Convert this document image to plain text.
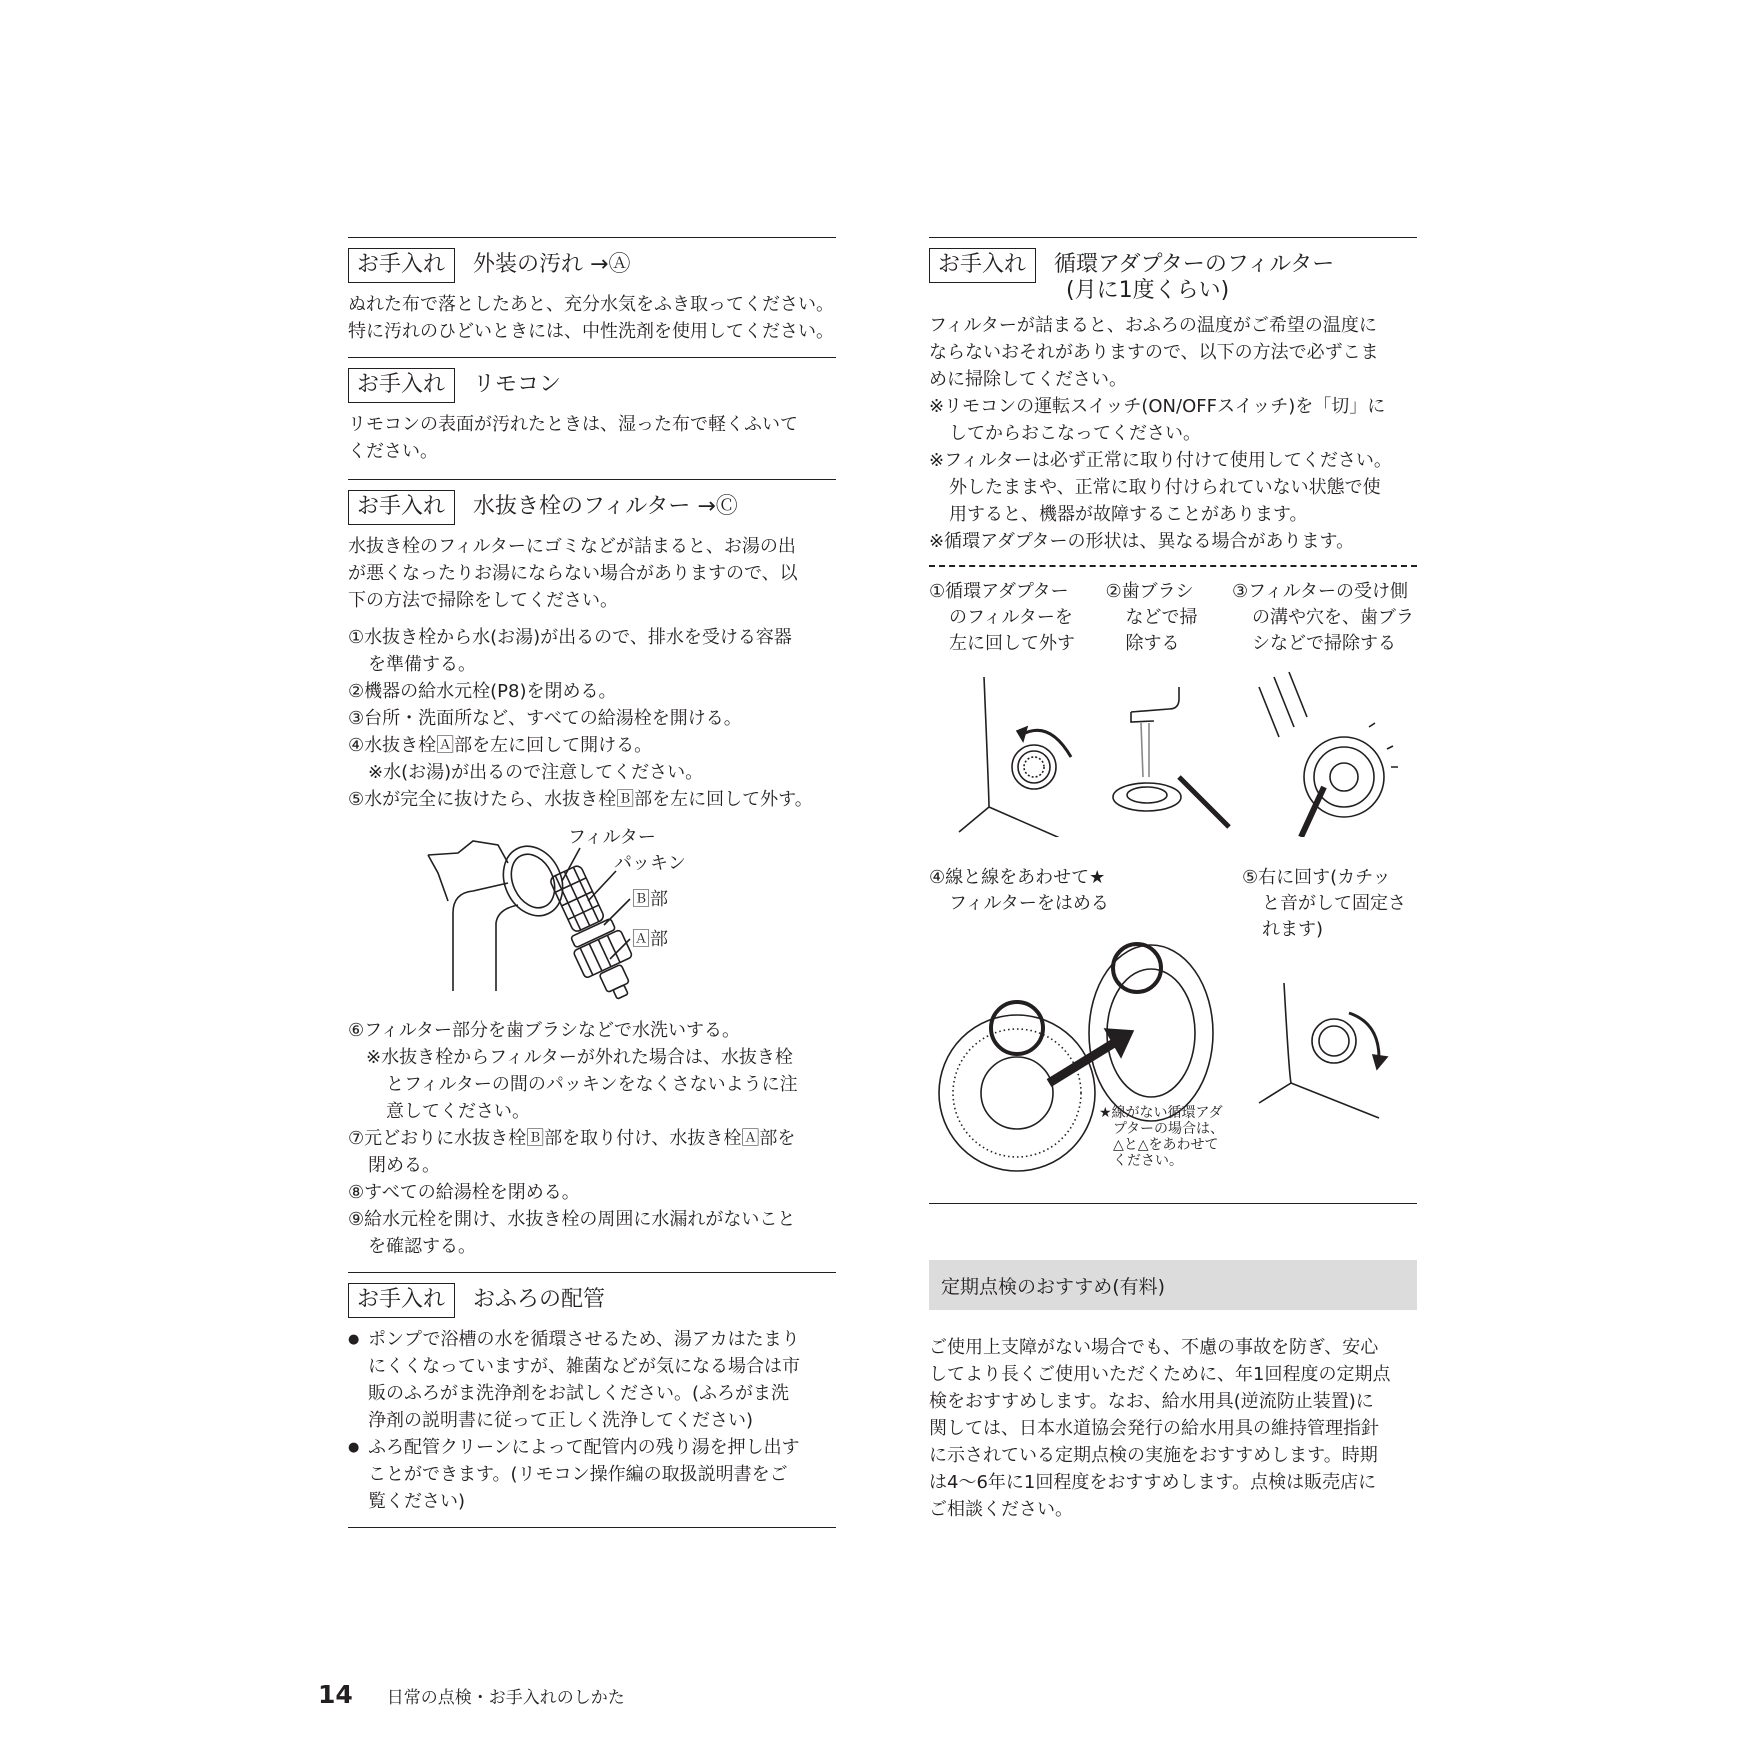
お手入れ	外装の汚れ →Ⓐ

ぬれた布で落としたあと、充分水気をふき取ってください。

特に汚れのひどいときには、中性洗剤を使用してください。

お手入れ	リモコン

リモコンの表面が汚れたときは、湿った布で軽くふいて

ください。

お手入れ	水抜き栓のフィルター →Ⓒ

水抜き栓のフィルターにゴミなどが詰まると、お湯の出

が悪くなったりお湯にならない場合がありますので、以

下の方法で掃除をしてください。

①水抜き栓から水(お湯)が出るので、排水を受ける容器

を準備する。

②機器の給水元栓(P8)を閉める。

③台所・洗面所など、すべての給湯栓を開ける。

④水抜き栓🄰部を左に回して開ける。

※水(お湯)が出るので注意してください。

⑤水が完全に抜けたら、水抜き栓🄱部を左に回して外す。

フィルター
パッキン
🄱部
🄰部

⑥フィルター部分を歯ブラシなどで水洗いする。

※水抜き栓からフィルターが外れた場合は、水抜き栓

とフィルターの間のパッキンをなくさないように注

意してください。

⑦元どおりに水抜き栓🄱部を取り付け、水抜き栓🄰部を

閉める。

⑧すべての給湯栓を閉める。

⑨給水元栓を開け、水抜き栓の周囲に水漏れがないこと

を確認する。

お手入れ	おふろの配管

● ポンプで浴槽の水を循環させるため、湯アカはたまり

にくくなっていますが、雑菌などが気になる場合は市

販のふろがま洗浄剤をお試しください。(ふろがま洗

浄剤の説明書に従って正しく洗浄してください)

● ふろ配管クリーンによって配管内の残り湯を押し出す

ことができます。(リモコン操作編の取扱説明書をご

覧ください)

お手入れ	循環アダプターのフィルター
(月に1度くらい)

フィルターが詰まると、おふろの温度がご希望の温度に

ならないおそれがありますので、以下の方法で必ずこま

めに掃除してください。

※リモコンの運転スイッチ(ON/OFFスイッチ)を「切」に

してからおこなってください。

※フィルターは必ず正常に取り付けて使用してください。

外したままや、正常に取り付けられていない状態で使

用すると、機器が故障することがあります。

※循環アダプターの形状は、異なる場合があります。

①循環アダプター
のフィルターを
左に回して外す
②歯ブラシ
などで掃
除する
③フィルターの受け側
の溝や穴を、歯ブラ
シなどで掃除する
④線と線をあわせて★
フィルターをはめる
⑤右に回す(カチッ
と音がして固定さ
れます)
★線がない循環アダ
プターの場合は、
△と△をあわせて
ください。
定期点検のおすすめ(有料)

ご使用上支障がない場合でも、不慮の事故を防ぎ、安心

してより長くご使用いただくために、年1回程度の定期点

検をおすすめします。なお、給水用具(逆流防止装置)に

関しては、日本水道協会発行の給水用具の維持管理指針

に示されている定期点検の実施をおすすめします。時期

は4〜6年に1回程度をおすすめします。点検は販売店に

ご相談ください。

14 日常の点検・お手入れのしかた
